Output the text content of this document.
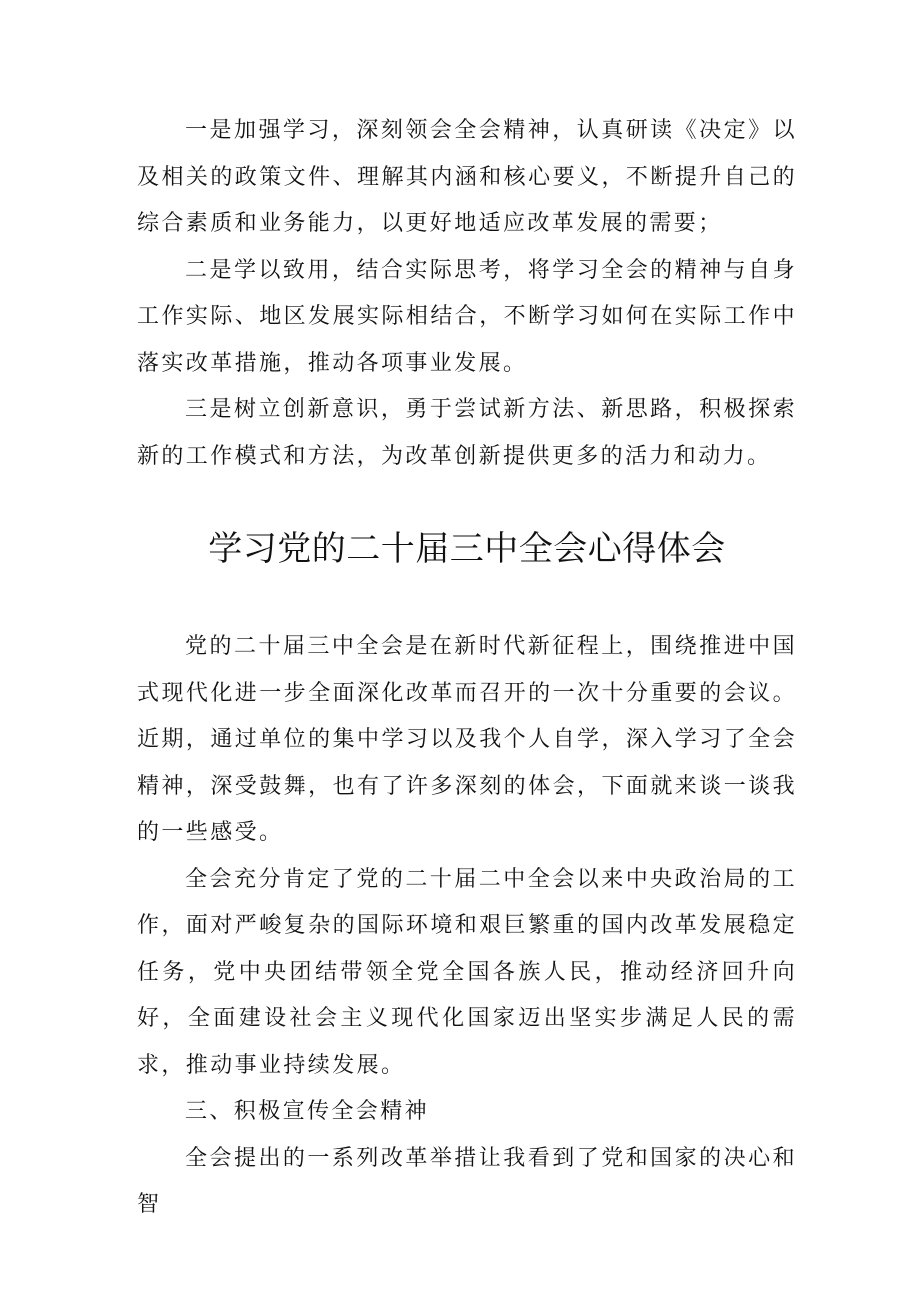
一是加强学习，深刻领会全会精神，认真研读《决定》以及相关的政策文件、理解其内涵和核心要义，不断提升自己的综合素质和业务能力，以更好地适应改革发展的需要；

二是学以致用，结合实际思考，将学习全会的精神与自身工作实际、地区发展实际相结合，不断学习如何在实际工作中落实改革措施，推动各项事业发展。

三是树立创新意识，勇于尝试新方法、新思路，积极探索新的工作模式和方法，为改革创新提供更多的活力和动力。

学习党的二十届三中全会心得体会

党的二十届三中全会是在新时代新征程上，围绕推进中国式现代化进一步全面深化改革而召开的一次十分重要的会议。近期，通过单位的集中学习以及我个人自学，深入学习了全会精神，深受鼓舞，也有了许多深刻的体会，下面就来谈一谈我的一些感受。

全会充分肯定了党的二十届二中全会以来中央政治局的工作，面对严峻复杂的国际环境和艰巨繁重的国内改革发展稳定任务，党中央团结带领全党全国各族人民，推动经济回升向好，全面建设社会主义现代化国家迈出坚实步满足人民的需求，推动事业持续发展。

三、积极宣传全会精神

全会提出的一系列改革举措让我看到了党和国家的决心和智
